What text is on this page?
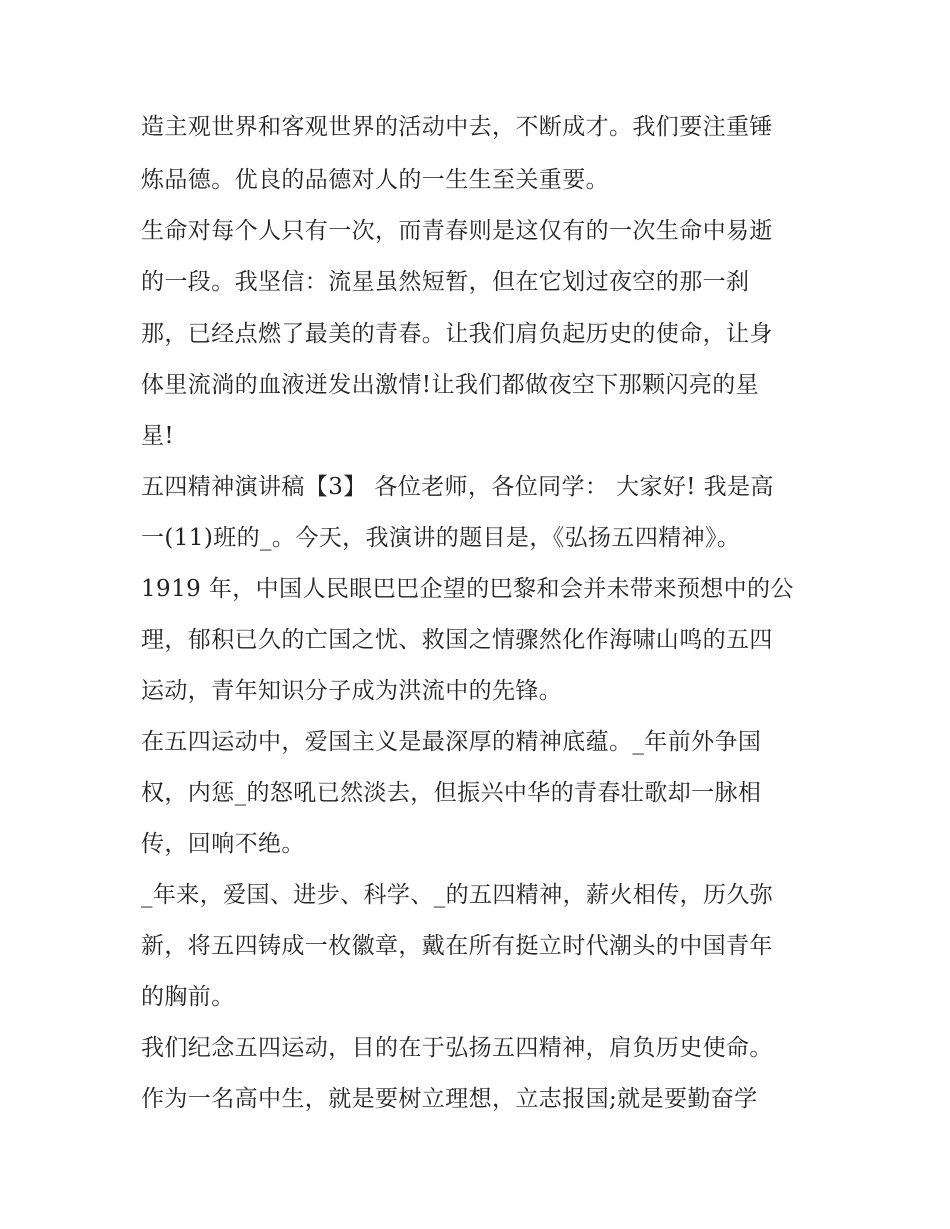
造主观世界和客观世界的活动中去，不断成才。我们要注重锤
炼品德。优良的品德对人的一生生至关重要。
生命对每个人只有一次，而青春则是这仅有的一次生命中易逝
的一段。我坚信：流星虽然短暂，但在它划过夜空的那一刹
那，已经点燃了最美的青春。让我们肩负起历史的使命，让身
体里流淌的血液迸发出激情!让我们都做夜空下那颗闪亮的星
星!
五四精神演讲稿【3】 各位老师，各位同学： 大家好! 我是高
一(11)班的_。今天，我演讲的题目是，《弘扬五四精神》。
1919 年，中国人民眼巴巴企望的巴黎和会并未带来预想中的公
理，郁积已久的亡国之忧、救国之情骤然化作海啸山鸣的五四
运动，青年知识分子成为洪流中的先锋。
在五四运动中，爱国主义是最深厚的精神底蕴。_年前外争国
权，内惩_的怒吼已然淡去，但振兴中华的青春壮歌却一脉相
传，回响不绝。
_年来，爱国、进步、科学、_的五四精神，薪火相传，历久弥
新，将五四铸成一枚徽章，戴在所有挺立时代潮头的中国青年
的胸前。
我们纪念五四运动，目的在于弘扬五四精神，肩负历史使命。
作为一名高中生，就是要树立理想，立志报国;就是要勤奋学
